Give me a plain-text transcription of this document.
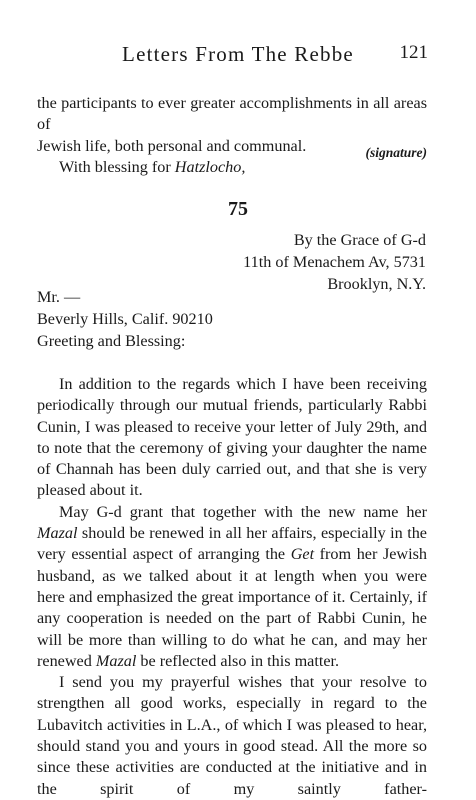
Letters From The Rebbe	121

the participants to ever greater accomplishments in all areas of

Jewish life, both personal and communal.

With blessing for Hatzlocho,

(signature)
75
By the Grace of G-d
11th of Menachem Av, 5731
Brooklyn, N.Y.
Mr. —
Beverly Hills, Calif. 90210
Greeting and Blessing:

In addition to the regards which I have been receiving periodically through our mutual friends, particularly Rabbi Cunin, I was pleased to receive your letter of July 29th, and to note that the ceremony of giving your daughter the name of Channah has been duly carried out, and that she is very pleased about it.

May G-d grant that together with the new name her Mazal should be renewed in all her affairs, especially in the very essential aspect of arranging the Get from her Jewish husband, as we talked about it at length when you were here and emphasized the great importance of it. Certainly, if any cooperation is needed on the part of Rabbi Cunin, he will be more than willing to do what he can, and may her renewed Mazal be reflected also in this matter.

I send you my prayerful wishes that your resolve to strengthen all good works, especially in regard to the Lubavitch activities in L.A., of which I was pleased to hear, should stand you and yours in good stead. All the more so since these activities are conducted at the initiative and in the spirit of my saintly father-
